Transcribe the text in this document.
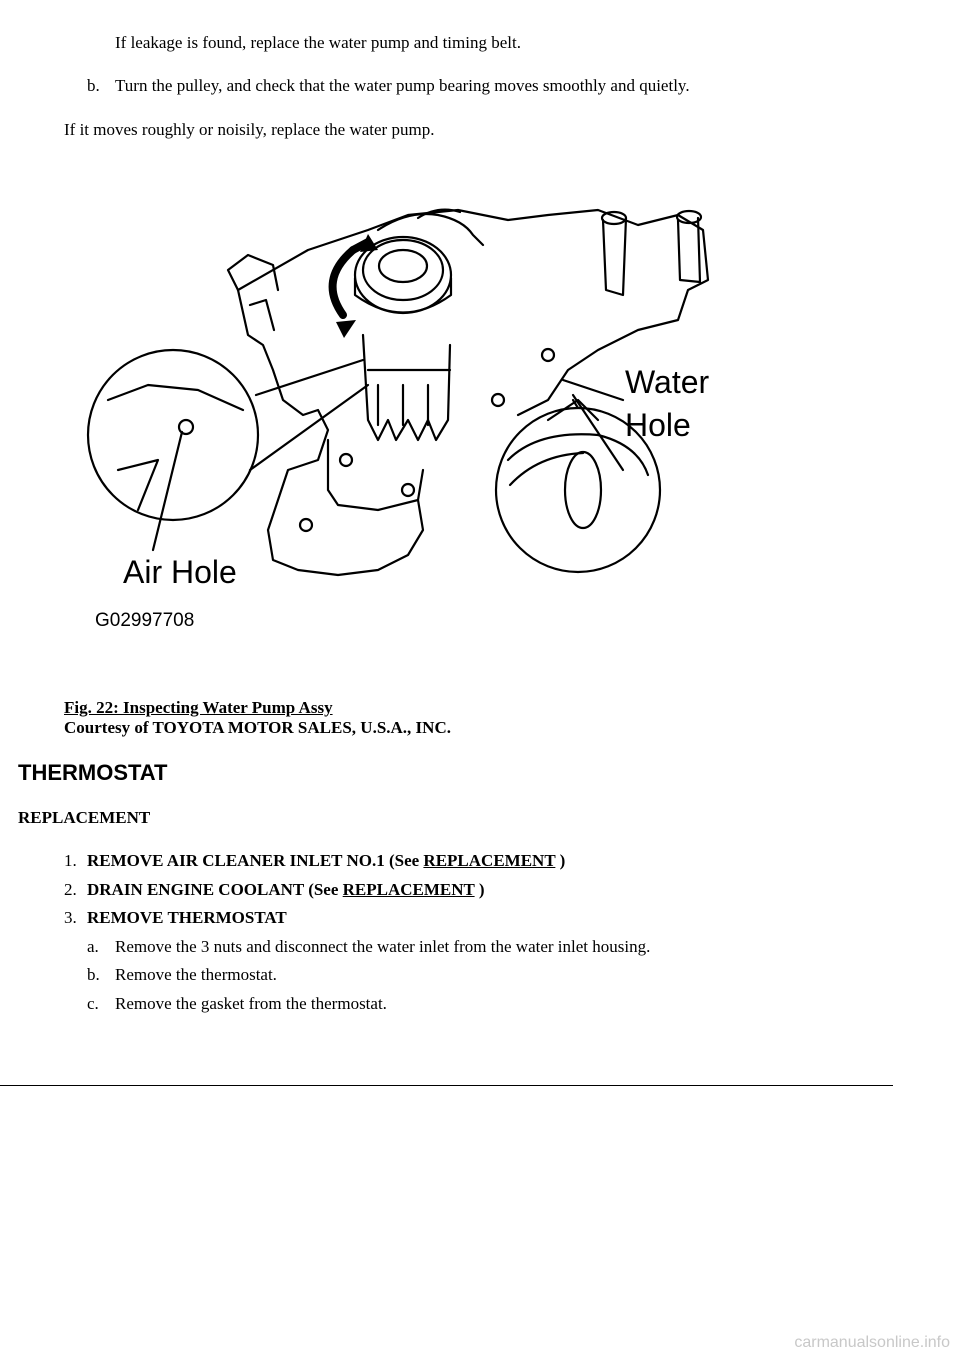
If leakage is found, replace the water pump and timing belt.
b. Turn the pulley, and check that the water pump bearing moves smoothly and quietly.
If it moves roughly or noisily, replace the water pump.
Water
Hole
Air Hole
G02997708
Fig. 22: Inspecting Water Pump Assy
Courtesy of TOYOTA MOTOR SALES, U.S.A., INC.
THERMOSTAT
REPLACEMENT
1. REMOVE AIR CLEANER INLET NO.1 (See REPLACEMENT )
2. DRAIN ENGINE COOLANT (See REPLACEMENT )
3. REMOVE THERMOSTAT
a. Remove the 3 nuts and disconnect the water inlet from the water inlet housing.
b. Remove the thermostat.
c. Remove the gasket from the thermostat.
carmanualsonline.info
